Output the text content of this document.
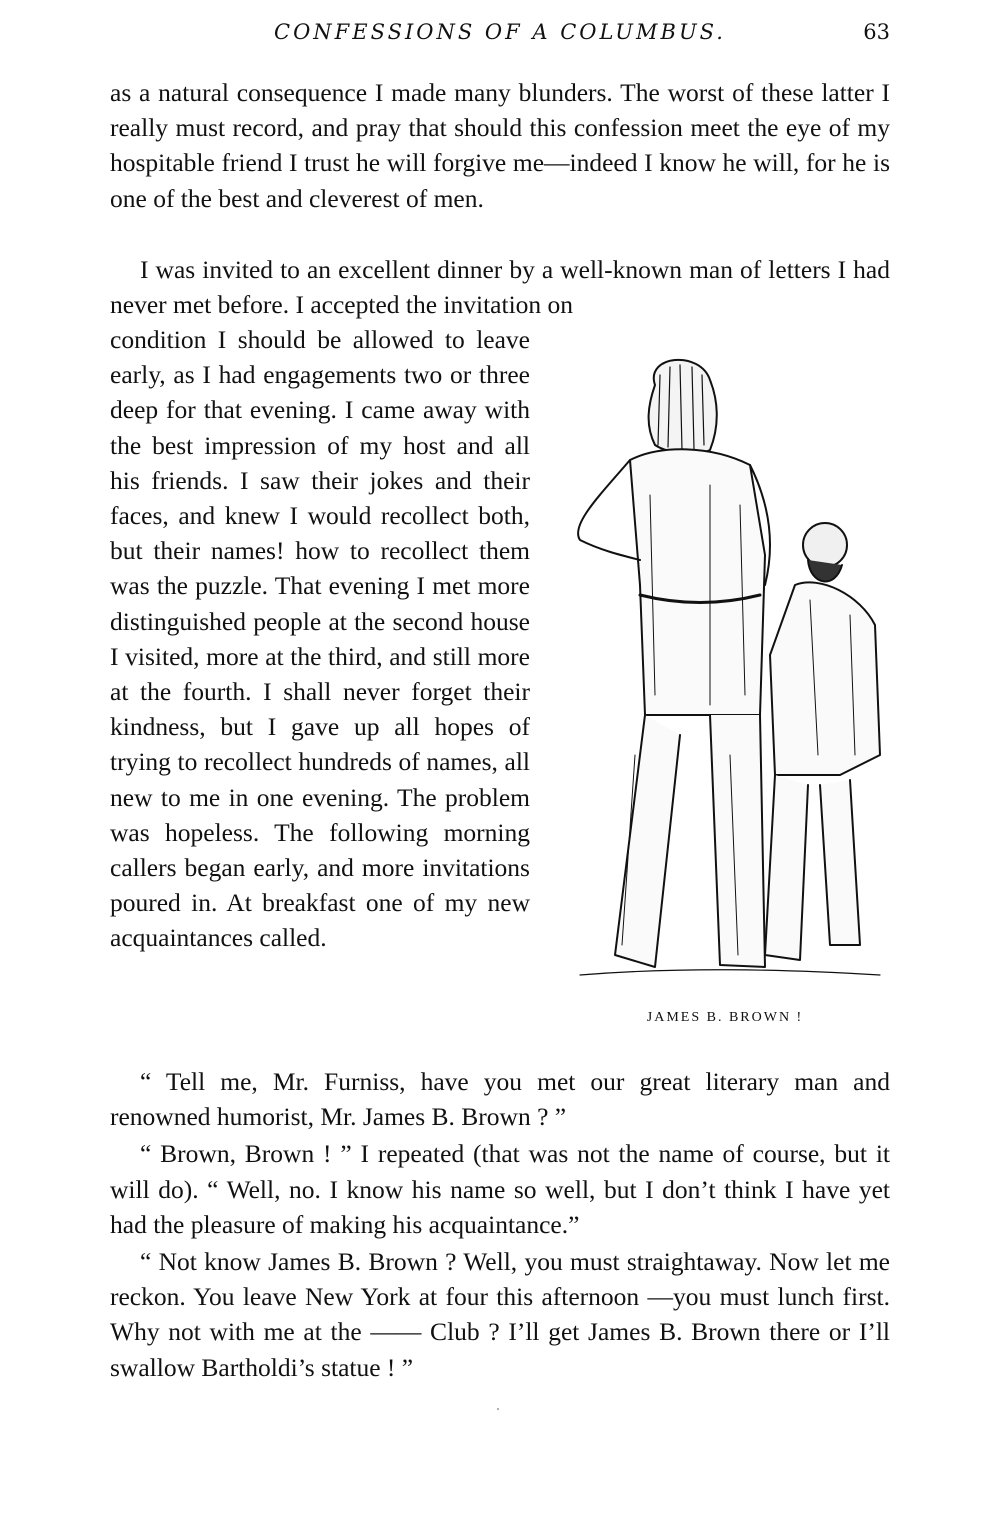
CONFESSIONS OF A COLUMBUS.	63

as a natural consequence I made many blunders. The worst of these latter I really must record, and pray that should this confession meet the eye of my hospitable friend I trust he will forgive me—indeed I know he will, for he is one of the best and cleverest of men.

I was invited to an excellent dinner by a well-known man of letters I had never met before. I accepted the invitation on

condition I should be allowed to leave early, as I had engagements two or three deep for that evening. I came away with the best impression of my host and all his friends. I saw their jokes and their faces, and knew I would recollect both, but their names! how to recollect them was the puzzle. That evening I met more distinguished people at the second house I visited, more at the third, and still more at the fourth. I shall never forget their kindness, but I gave up all hopes of trying to recollect hundreds of names, all new to me in one evening. The problem was hopeless. The following morning callers began early, and more invitations poured in. At breakfast one of my new acquaintances called.

“ Tell me, Mr. Furniss, have you met our great literary man and renowned humorist, Mr. James B. Brown ? ”

“ Brown, Brown ! ” I repeated (that was not the name of course, but it will do). “ Well, no. I know his name so well, but I don’t think I have yet had the pleasure of making his acquaintance.”

“ Not know James B. Brown ? Well, you must straightaway. Now let me reckon. You leave New York at four this afternoon —you must lunch first. Why not with me at the —— Club ? I’ll get James B. Brown there or I’ll swallow Bartholdi’s statue ! ”

JAMES B. BROWN !
